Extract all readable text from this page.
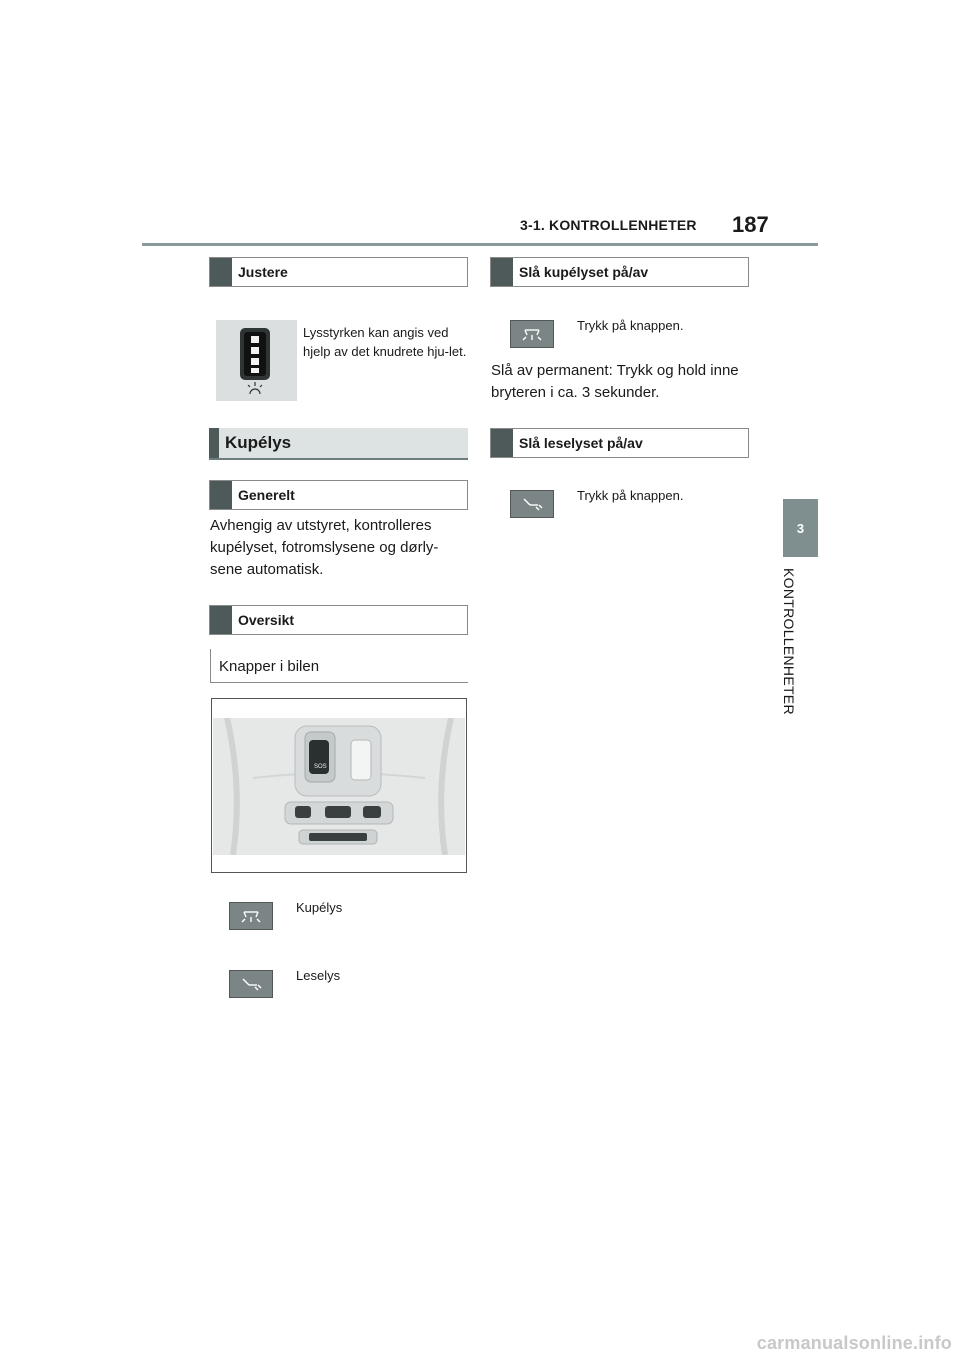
3-1. KONTROLLENHETER 187
3
KONTROLLENHETER
Justere
Lysstyrken kan angis ved hjelp av det knudrete hju-let.
Kupélys
Generelt
Avhengig av utstyret, kontrolleres kupélyset, fotromslysene og dørly-sene automatisk.
Oversikt
Knapper i bilen
SOS
Kupélys
Leselys
Slå kupélyset på/av
Trykk på knappen.
Slå av permanent: Trykk og hold inne bryteren i ca. 3 sekunder.
Slå leselyset på/av
Trykk på knappen.
carmanualsonline.info
